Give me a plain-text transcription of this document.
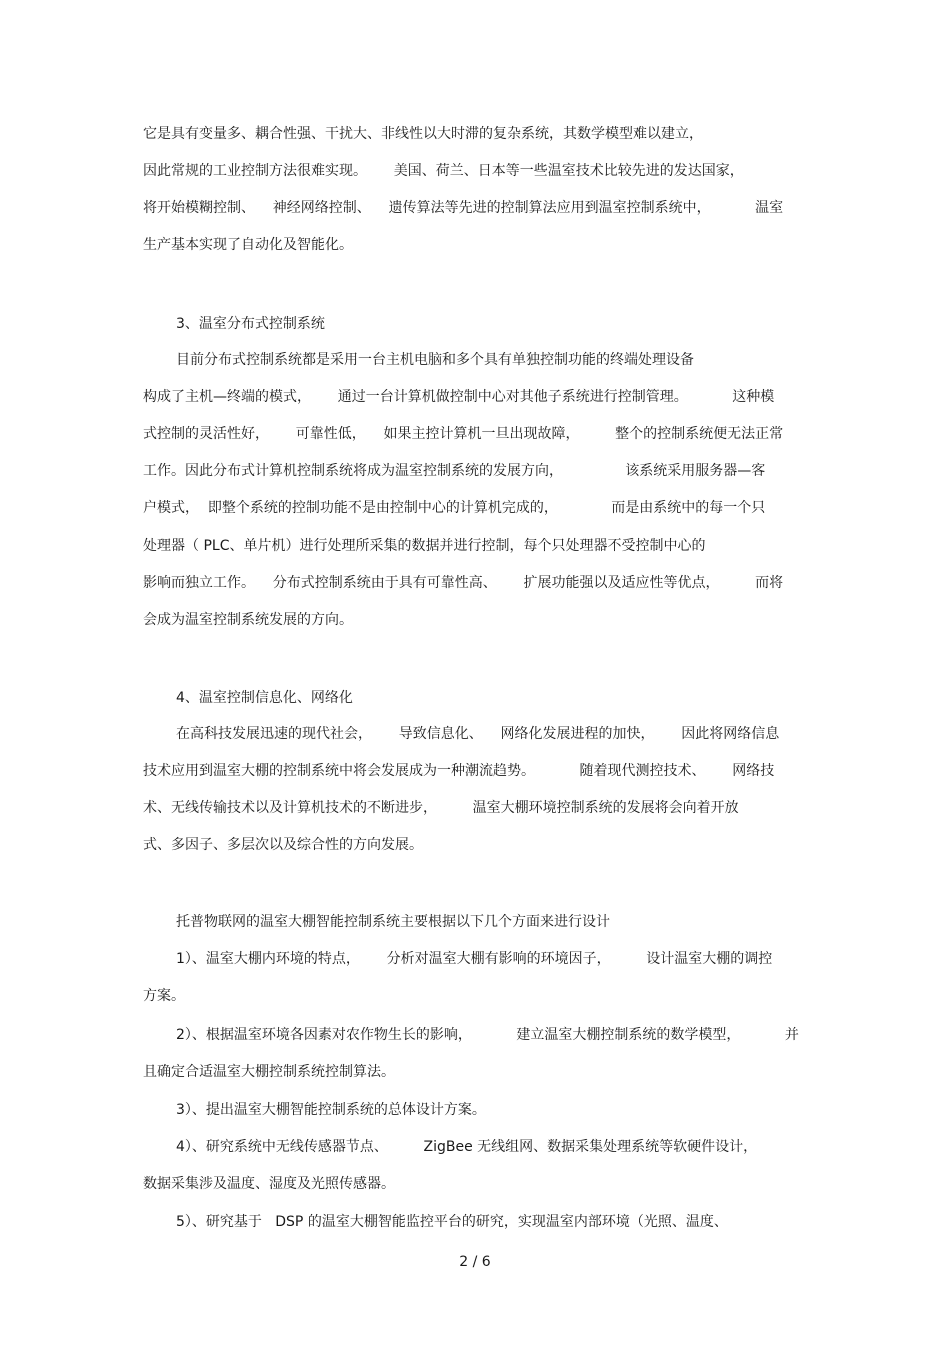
它是具有变量多、耦合性强、干扰大、非线性以大时滞的复杂系统，其数学模型难以建立，
因此常规的工业控制方法很难实现。      美国、荷兰、日本等一些温室技术比较先进的发达国家，
将开始模糊控制、    神经网络控制、    遗传算法等先进的控制算法应用到温室控制系统中，          温室
生产基本实现了自动化及智能化。
3、温室分布式控制系统
目前分布式控制系统都是采用一台主机电脑和多个具有单独控制功能的终端处理设备
构成了主机—终端的模式，      通过一台计算机做控制中心对其他子系统进行控制管理。          这种模
式控制的灵活性好，      可靠性低，    如果主控计算机一旦出现故障，        整个的控制系统便无法正常
工作。因此分布式计算机控制系统将成为温室控制系统的发展方向，              该系统采用服务器—客
户模式，  即整个系统的控制功能不是由控制中心的计算机完成的，            而是由系统中的每一个只
处理器（ PLC、单片机）进行处理所采集的数据并进行控制，每个只处理器不受控制中心的
影响而独立工作。    分布式控制系统由于具有可靠性高、      扩展功能强以及适应性等优点，        而将
会成为温室控制系统发展的方向。
4、温室控制信息化、网络化
在高科技发展迅速的现代社会，      导致信息化、    网络化发展进程的加快，      因此将网络信息
技术应用到温室大棚的控制系统中将会发展成为一种潮流趋势。          随着现代测控技术、      网络技
术、无线传输技术以及计算机技术的不断进步，        温室大棚环境控制系统的发展将会向着开放
式、多因子、多层次以及综合性的方向发展。
托普物联网的温室大棚智能控制系统主要根据以下几个方面来进行设计
1）、温室大棚内环境的特点，      分析对温室大棚有影响的环境因子，        设计温室大棚的调控
方案。
2）、根据温室环境各因素对农作物生长的影响，          建立温室大棚控制系统的数学模型，          并
且确定合适温室大棚控制系统控制算法。
3）、提出温室大棚智能控制系统的总体设计方案。
4）、研究系统中无线传感器节点、        ZigBee 无线组网、数据采集处理系统等软硬件设计，
数据采集涉及温度、湿度及光照传感器。
5）、研究基于   DSP 的温室大棚智能监控平台的研究，实现温室内部环境（光照、温度、
2 / 6
